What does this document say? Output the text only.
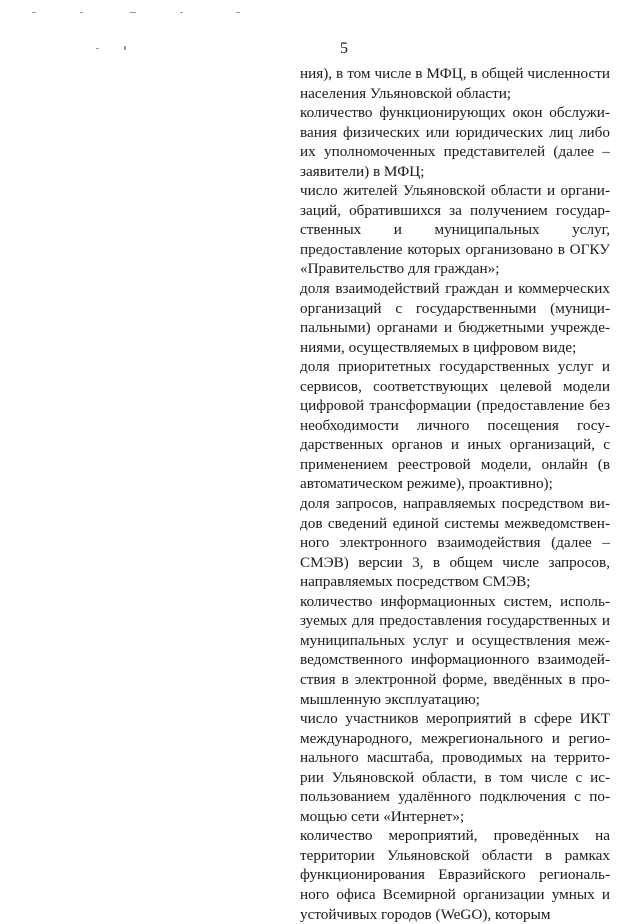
5

ния), в том числе в МФЦ, в общей численности населения Ульяновской области;

количество функционирующих окон обслуживания физических или юридических лиц либо их уполномоченных представителей (далее – заявители) в МФЦ;

число жителей Ульяновской области и организаций, обратившихся за получением государственных и муниципальных услуг, предоставление которых организовано в ОГКУ «Правительство для граждан»;

доля взаимодействий граждан и коммерческих организаций с государственными (муниципальными) органами и бюджетными учреждениями, осуществляемых в цифровом виде;

доля приоритетных государственных услуг и сервисов, соответствующих целевой модели цифровой трансформации (предоставление без необходимости личного посещения государственных органов и иных организаций, с применением реестровой модели, онлайн (в автоматическом режиме), проактивно);

доля запросов, направляемых посредством видов сведений единой системы межведомственного электронного взаимодействия (далее – СМЭВ) версии 3, в общем числе запросов, направляемых посредством СМЭВ;

количество информационных систем, используемых для предоставления государственных и муниципальных услуг и осуществления межведомственного информационного взаимодействия в электронной форме, введённых в промышленную эксплуатацию;

число участников мероприятий в сфере ИКТ международного, межрегионального и регионального масштаба, проводимых на территории Ульяновской области, в том числе с использованием удалённого подключения с помощью сети «Интернет»;

количество мероприятий, проведённых на территории Ульяновской области в рамках функционирования Евразийского регионального офиса Всемирной организации умных и устойчивых городов (WeGO), которым
